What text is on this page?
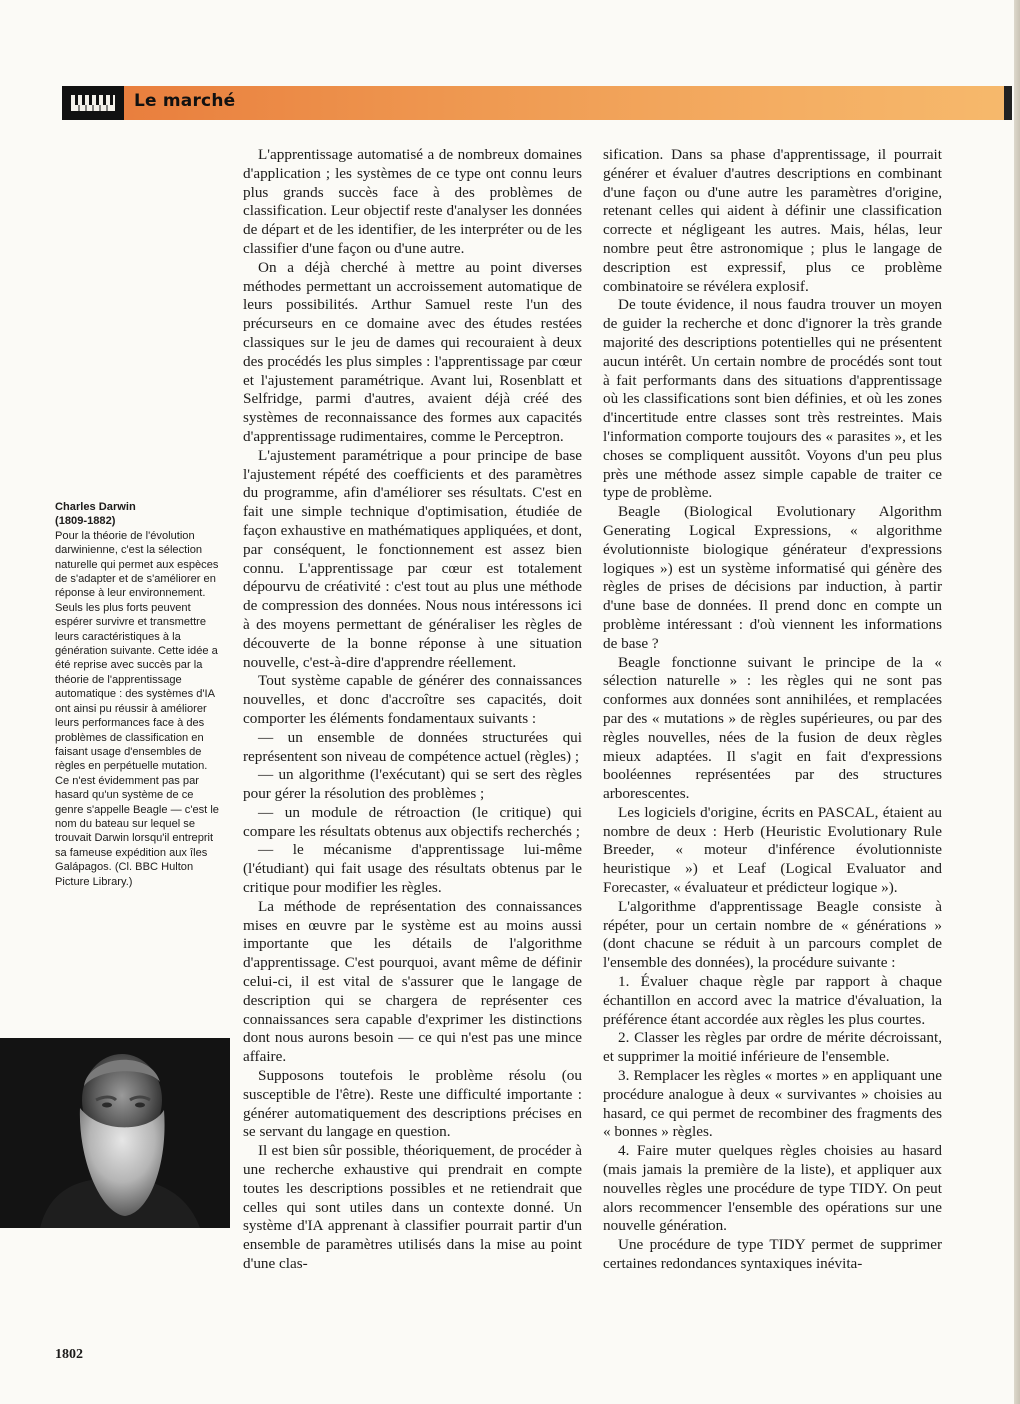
Le marché
Charles Darwin
(1809-1882)
Pour la théorie de l'évolution darwinienne, c'est la sélection naturelle qui permet aux espèces de s'adapter et de s'améliorer en réponse à leur environnement. Seuls les plus forts peuvent espérer survivre et transmettre leurs caractéristiques à la génération suivante. Cette idée a été reprise avec succès par la théorie de l'apprentissage automatique : des systèmes d'IA ont ainsi pu réussir à améliorer leurs performances face à des problèmes de classification en faisant usage d'ensembles de règles en perpétuelle mutation. Ce n'est évidemment pas par hasard qu'un système de ce genre s'appelle Beagle — c'est le nom du bateau sur lequel se trouvait Darwin lorsqu'il entreprit sa fameuse expédition aux îles Galápagos. (Cl. BBC Hulton Picture Library.)

L'apprentissage automatisé a de nombreux domaines d'application ; les systèmes de ce type ont connu leurs plus grands succès face à des problèmes de classification. Leur objectif reste d'analyser les données de départ et de les identifier, de les interpréter ou de les classifier d'une façon ou d'une autre.

On a déjà cherché à mettre au point diverses méthodes permettant un accroissement automatique de leurs possibilités. Arthur Samuel reste l'un des précurseurs en ce domaine avec des études restées classiques sur le jeu de dames qui recouraient à deux des procédés les plus simples : l'apprentissage par cœur et l'ajustement paramétrique. Avant lui, Rosenblatt et Selfridge, parmi d'autres, avaient déjà créé des systèmes de reconnaissance des formes aux capacités d'apprentissage rudimentaires, comme le Perceptron.

L'ajustement paramétrique a pour principe de base l'ajustement répété des coefficients et des paramètres du programme, afin d'améliorer ses résultats. C'est en fait une simple technique d'optimisation, étudiée de façon exhaustive en mathématiques appliquées, et dont, par conséquent, le fonctionnement est assez bien connu. L'apprentissage par cœur est totalement dépourvu de créativité : c'est tout au plus une méthode de compression des données. Nous nous intéressons ici à des moyens permettant de généraliser les règles de découverte de la bonne réponse à une situation nouvelle, c'est-à-dire d'apprendre réellement.

Tout système capable de générer des connaissances nouvelles, et donc d'accroître ses capacités, doit comporter les éléments fondamentaux suivants :

— un ensemble de données structurées qui représentent son niveau de compétence actuel (règles) ;

— un algorithme (l'exécutant) qui se sert des règles pour gérer la résolution des problèmes ;

— un module de rétroaction (le critique) qui compare les résultats obtenus aux objectifs recherchés ;

— le mécanisme d'apprentissage lui-même (l'étudiant) qui fait usage des résultats obtenus par le critique pour modifier les règles.

La méthode de représentation des connaissances mises en œuvre par le système est au moins aussi importante que les détails de l'algorithme d'apprentissage. C'est pourquoi, avant même de définir celui-ci, il est vital de s'assurer que le langage de description qui se chargera de représenter ces connaissances sera capable d'exprimer les distinctions dont nous aurons besoin — ce qui n'est pas une mince affaire.

Supposons toutefois le problème résolu (ou susceptible de l'être). Reste une difficulté importante : générer automatiquement des descriptions précises en se servant du langage en question.

Il est bien sûr possible, théoriquement, de procéder à une recherche exhaustive qui prendrait en compte toutes les descriptions possibles et ne retiendrait que celles qui sont utiles dans un contexte donné. Un système d'IA apprenant à classifier pourrait partir d'un ensemble de paramètres utilisés dans la mise au point d'une clas-

sification. Dans sa phase d'apprentissage, il pourrait générer et évaluer d'autres descriptions en combinant d'une façon ou d'une autre les paramètres d'origine, retenant celles qui aident à définir une classification correcte et négligeant les autres. Mais, hélas, leur nombre peut être astronomique ; plus le langage de description est expressif, plus ce problème combinatoire se révélera explosif.

De toute évidence, il nous faudra trouver un moyen de guider la recherche et donc d'ignorer la très grande majorité des descriptions potentielles qui ne présentent aucun intérêt. Un certain nombre de procédés sont tout à fait performants dans des situations d'apprentissage où les classifications sont bien définies, et où les zones d'incertitude entre classes sont très restreintes. Mais l'information comporte toujours des « parasites », et les choses se compliquent aussitôt. Voyons d'un peu plus près une méthode assez simple capable de traiter ce type de problème.

Beagle (Biological Evolutionary Algorithm Generating Logical Expressions, « algorithme évolutionniste biologique générateur d'expressions logiques ») est un système informatisé qui génère des règles de prises de décisions par induction, à partir d'une base de données. Il prend donc en compte un problème intéressant : d'où viennent les informations de base ?

Beagle fonctionne suivant le principe de la « sélection naturelle » : les règles qui ne sont pas conformes aux données sont annihilées, et remplacées par des « mutations » de règles supérieures, ou par des règles nouvelles, nées de la fusion de deux règles mieux adaptées. Il s'agit en fait d'expressions booléennes représentées par des structures arborescentes.

Les logiciels d'origine, écrits en PASCAL, étaient au nombre de deux : Herb (Heuristic Evolutionary Rule Breeder, « moteur d'inférence évolutionniste heuristique ») et Leaf (Logical Evaluator and Forecaster, « évaluateur et prédicteur logique »).

L'algorithme d'apprentissage Beagle consiste à répéter, pour un certain nombre de « générations » (dont chacune se réduit à un parcours complet de l'ensemble des données), la procédure suivante :

1. Évaluer chaque règle par rapport à chaque échantillon en accord avec la matrice d'évaluation, la préférence étant accordée aux règles les plus courtes.

2. Classer les règles par ordre de mérite décroissant, et supprimer la moitié inférieure de l'ensemble.

3. Remplacer les règles « mortes » en appliquant une procédure analogue à deux « survivantes » choisies au hasard, ce qui permet de recombiner des fragments des « bonnes » règles.

4. Faire muter quelques règles choisies au hasard (mais jamais la première de la liste), et appliquer aux nouvelles règles une procédure de type TIDY. On peut alors recommencer l'ensemble des opérations sur une nouvelle génération.

Une procédure de type TIDY permet de supprimer certaines redondances syntaxiques inévita-

1802
